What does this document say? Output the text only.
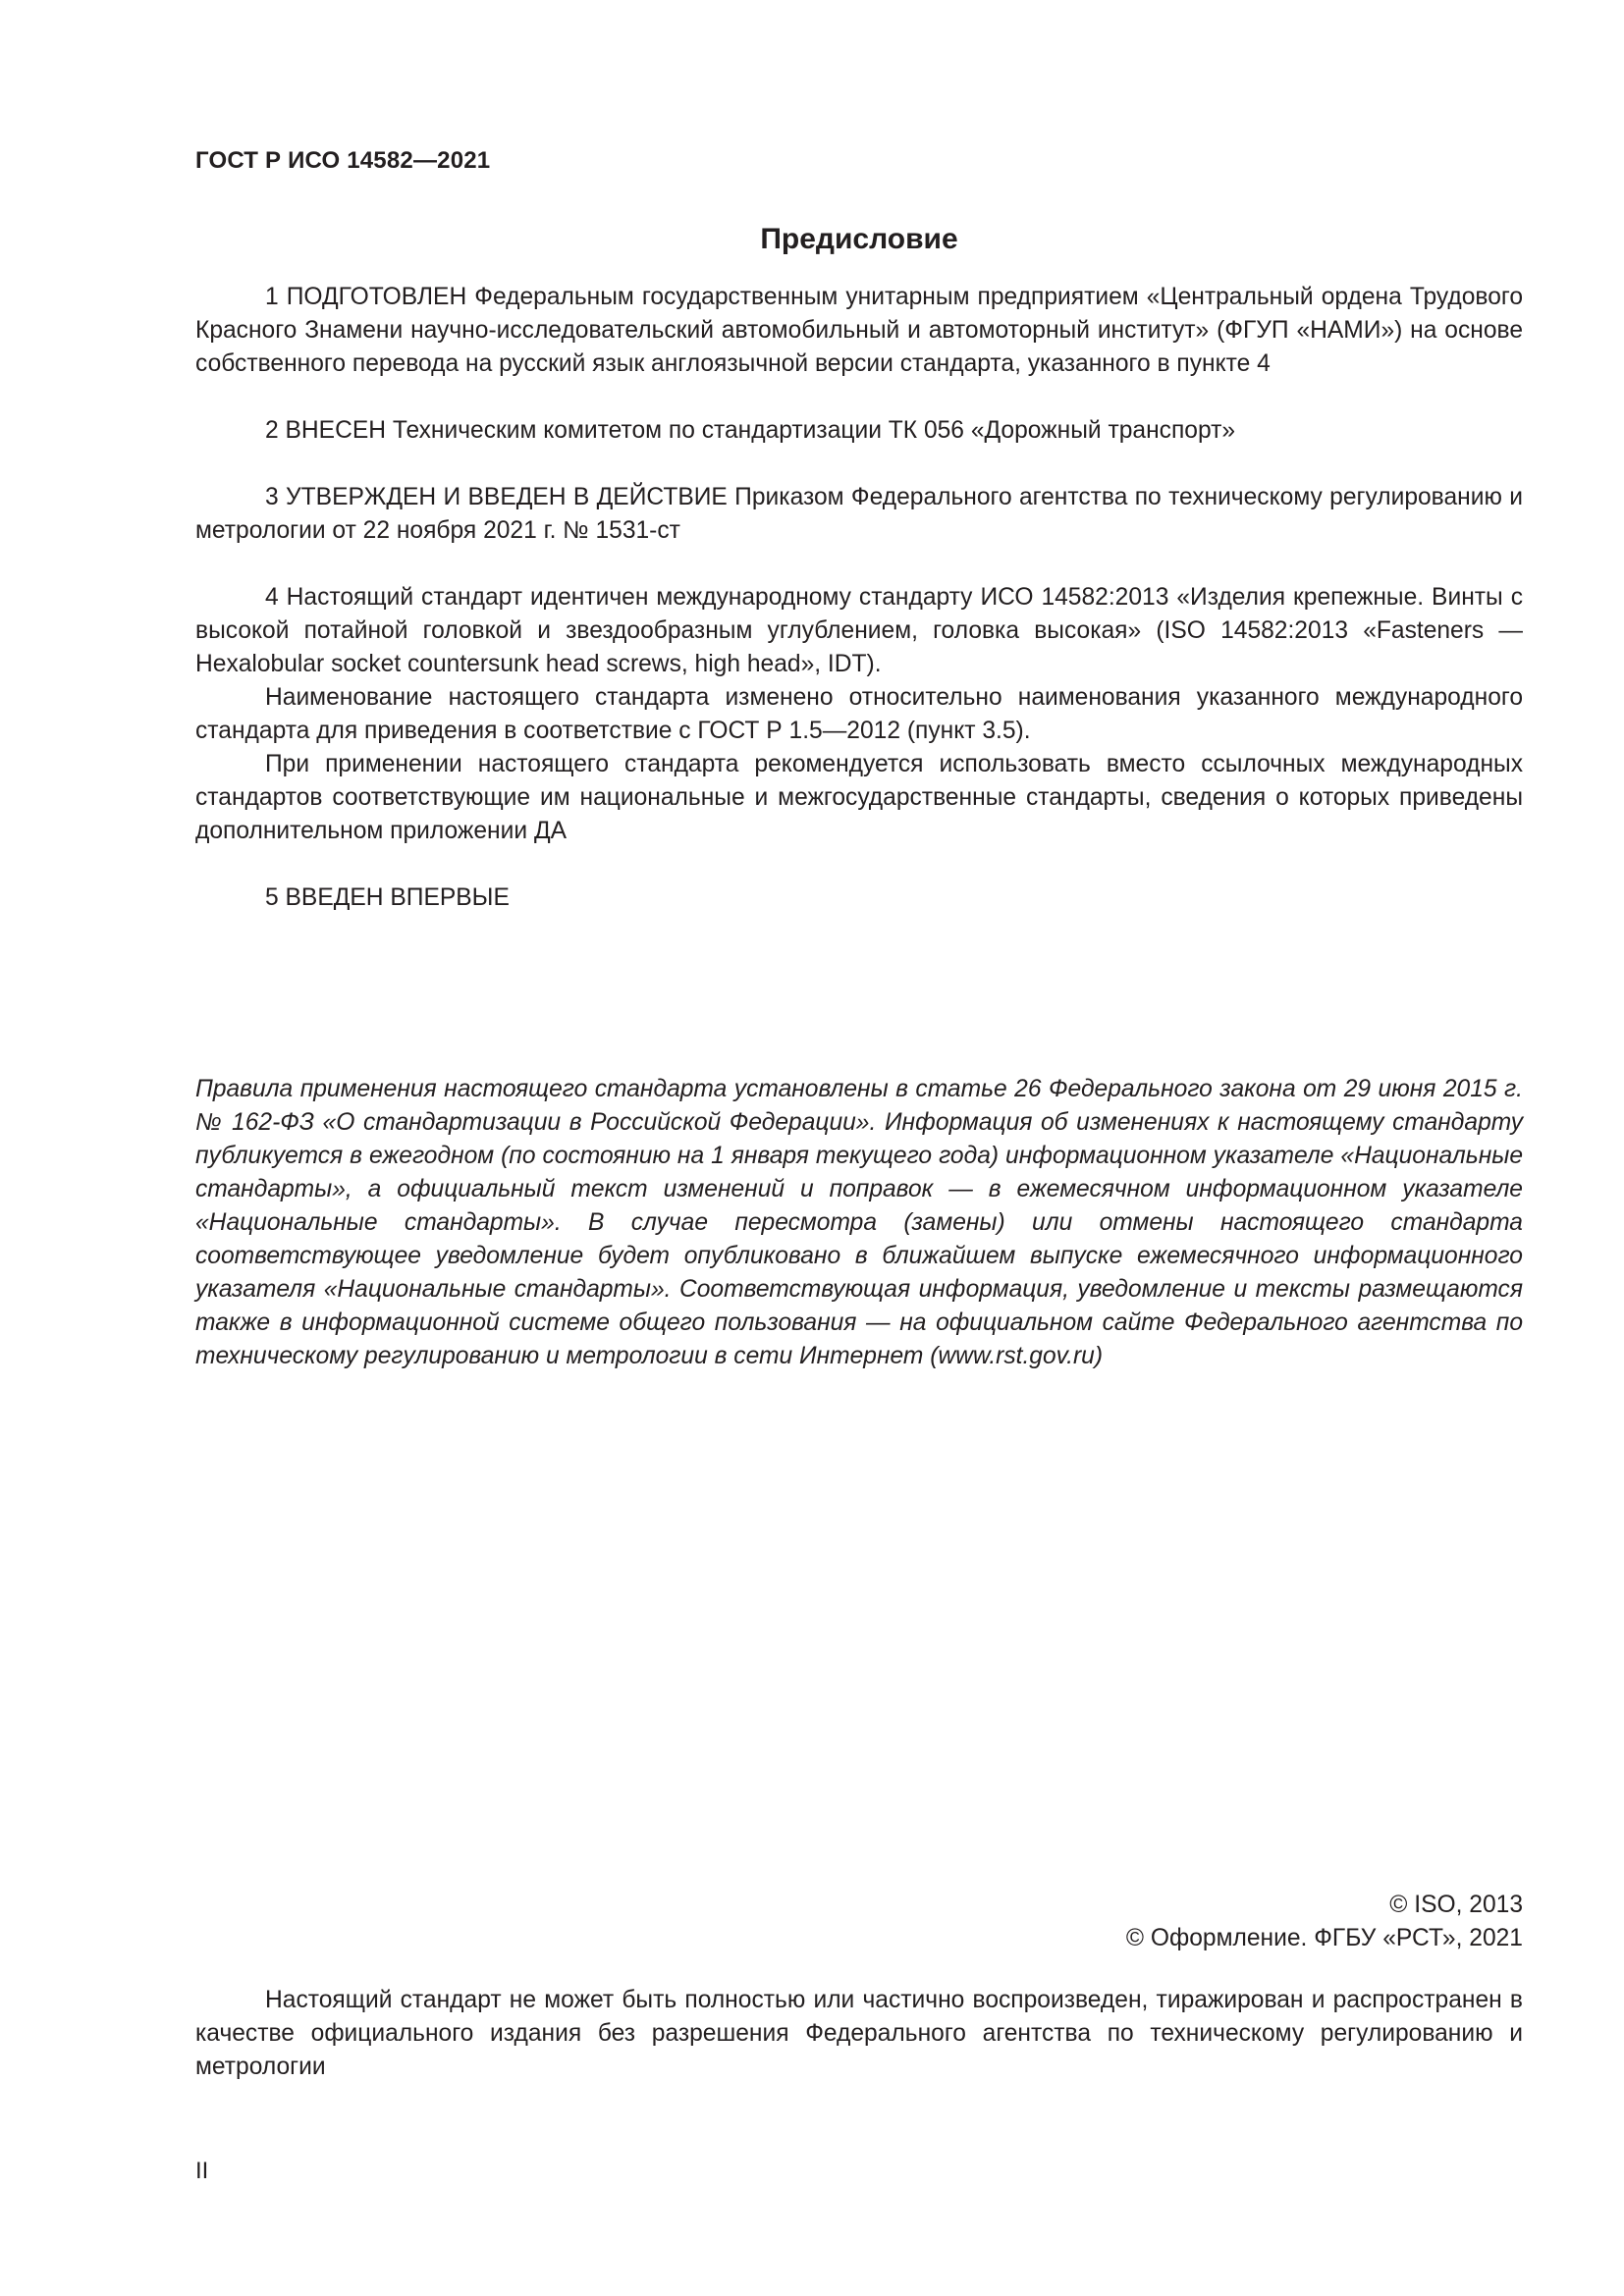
ГОСТ Р ИСО 14582—2021
Предисловие

1 ПОДГОТОВЛЕН Федеральным государственным унитарным предприятием «Центральный ордена Трудового Красного Знамени научно-исследовательский автомобильный и автомоторный институт» (ФГУП «НАМИ») на основе собственного перевода на русский язык англоязычной версии стандарта, указанного в пункте 4

2 ВНЕСЕН Техническим комитетом по стандартизации ТК 056 «Дорожный транспорт»

3 УТВЕРЖДЕН И ВВЕДЕН В ДЕЙСТВИЕ Приказом Федерального агентства по техническому регулированию и метрологии от 22 ноября 2021 г. № 1531-ст

4 Настоящий стандарт идентичен международному стандарту ИСО 14582:2013 «Изделия крепежные. Винты с высокой потайной головкой и звездообразным углублением, головка высокая» (ISO 14582:2013 «Fasteners — Hexalobular socket countersunk head screws, high head», IDT).

Наименование настоящего стандарта изменено относительно наименования указанного международного стандарта для приведения в соответствие с ГОСТ Р 1.5—2012 (пункт 3.5).

При применении настоящего стандарта рекомендуется использовать вместо ссылочных международных стандартов соответствующие им национальные и межгосударственные стандарты, сведения о которых приведены дополнительном приложении ДА

5 ВВЕДЕН ВПЕРВЫЕ

Правила применения настоящего стандарта установлены в статье 26 Федерального закона от 29 июня 2015 г. № 162-ФЗ «О стандартизации в Российской Федерации». Информация об изменениях к настоящему стандарту публикуется в ежегодном (по состоянию на 1 января текущего года) информационном указателе «Национальные стандарты», а официальный текст изменений и поправок — в ежемесячном информационном указателе «Национальные стандарты». В случае пересмотра (замены) или отмены настоящего стандарта соответствующее уведомление будет опубликовано в ближайшем выпуске ежемесячного информационного указателя «Национальные стандарты». Соответствующая информация, уведомление и тексты размещаются также в информационной системе общего пользования — на официальном сайте Федерального агентства по техническому регулированию и метрологии в сети Интернет (www.rst.gov.ru)

© ISO, 2013
© Оформление. ФГБУ «РСТ», 2021

Настоящий стандарт не может быть полностью или частично воспроизведен, тиражирован и распространен в качестве официального издания без разрешения Федерального агентства по техническому регулированию и метрологии

II
